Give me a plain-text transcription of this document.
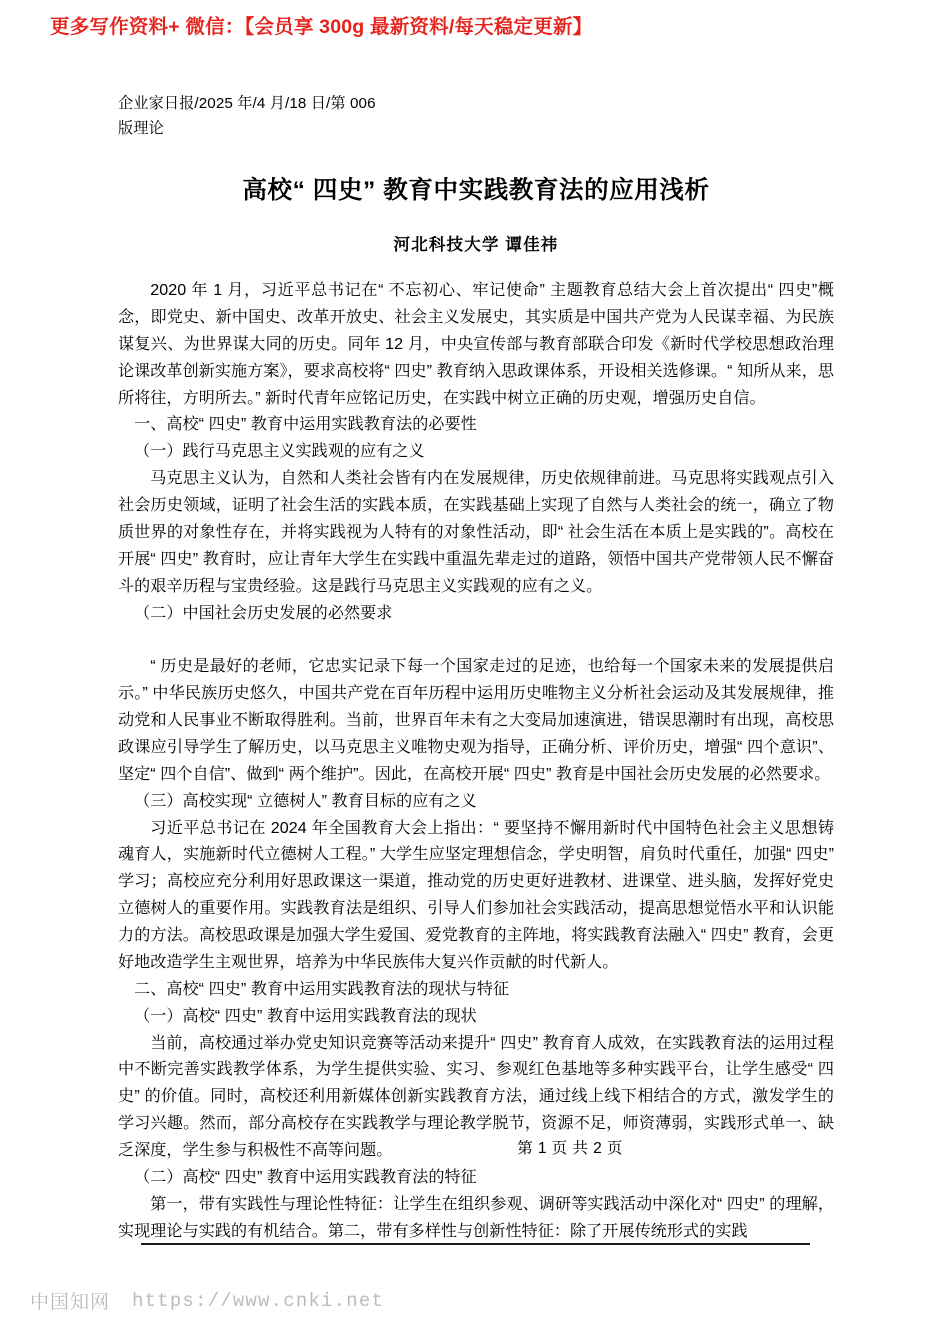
更多写作资料+ 微信：【会员享 300g 最新资料/每天稳定更新】
企业家日报/2025 年/4 月/18 日/第 006
版理论
高校“ 四史” 教育中实践教育法的应用浅析
河北科技大学 谭佳祎

2020 年 1 月，习近平总书记在“ 不忘初心、牢记使命” 主题教育总结大会上首次提出“ 四史”概念，即党史、新中国史、改革开放史、社会主义发展史，其实质是中国共产党为人民谋幸福、为民族谋复兴、为世界谋大同的历史。同年 12 月，中央宣传部与教育部联合印发《新时代学校思想政治理论课改革创新实施方案》，要求高校将“ 四史” 教育纳入思政课体系，开设相关选修课。“ 知所从来，思所将往，方明所去。” 新时代青年应铭记历史，在实践中树立正确的历史观，增强历史自信。

一、高校“ 四史” 教育中运用实践教育法的必要性

（一）践行马克思主义实践观的应有之义

马克思主义认为，自然和人类社会皆有内在发展规律，历史依规律前进。马克思将实践观点引入社会历史领域，证明了社会生活的实践本质，在实践基础上实现了自然与人类社会的统一，确立了物质世界的对象性存在，并将实践视为人特有的对象性活动，即“ 社会生活在本质上是实践的”。高校在开展“ 四史” 教育时，应让青年大学生在实践中重温先辈走过的道路，领悟中国共产党带领人民不懈奋斗的艰辛历程与宝贵经验。这是践行马克思主义实践观的应有之义。

（二）中国社会历史发展的必然要求

“ 历史是最好的老师，它忠实记录下每一个国家走过的足迹，也给每一个国家未来的发展提供启示。” 中华民族历史悠久，中国共产党在百年历程中运用历史唯物主义分析社会运动及其发展规律，推动党和人民事业不断取得胜利。当前，世界百年未有之大变局加速演进，错误思潮时有出现，高校思政课应引导学生了解历史，以马克思主义唯物史观为指导，正确分析、评价历史，增强“ 四个意识”、坚定“ 四个自信”、做到“ 两个维护”。因此，在高校开展“ 四史” 教育是中国社会历史发展的必然要求。

（三）高校实现“ 立德树人” 教育目标的应有之义

习近平总书记在 2024 年全国教育大会上指出：“ 要坚持不懈用新时代中国特色社会主义思想铸魂育人，实施新时代立德树人工程。” 大学生应坚定理想信念，学史明智，肩负时代重任，加强“ 四史” 学习；高校应充分利用好思政课这一渠道，推动党的历史更好进教材、进课堂、进头脑，发挥好党史立德树人的重要作用。实践教育法是组织、引导人们参加社会实践活动，提高思想觉悟水平和认识能力的方法。高校思政课是加强大学生爱国、爱党教育的主阵地，将实践教育法融入“ 四史” 教育，会更好地改造学生主观世界，培养为中华民族伟大复兴作贡献的时代新人。

二、高校“ 四史” 教育中运用实践教育法的现状与特征

（一）高校“ 四史” 教育中运用实践教育法的现状

当前，高校通过举办党史知识竞赛等活动来提升“ 四史” 教育育人成效，在实践教育法的运用过程中不断完善实践教学体系，为学生提供实验、实习、参观红色基地等多种实践平台，让学生感受“ 四史” 的价值。同时，高校还利用新媒体创新实践教育方法，通过线上线下相结合的方式，激发学生的学习兴趣。然而，部分高校存在实践教学与理论教学脱节，资源不足，师资薄弱，实践形式单一、缺乏深度，学生参与积极性不高等问题。

（二）高校“ 四史” 教育中运用实践教育法的特征

第一，带有实践性与理论性特征：让学生在组织参观、调研等实践活动中深化对“ 四史” 的理解，实现理论与实践的有机结合。第二，带有多样性与创新性特征：除了开展传统形式的实践

第 1 页 共 2 页
中国知网 https://www.cnki.net
